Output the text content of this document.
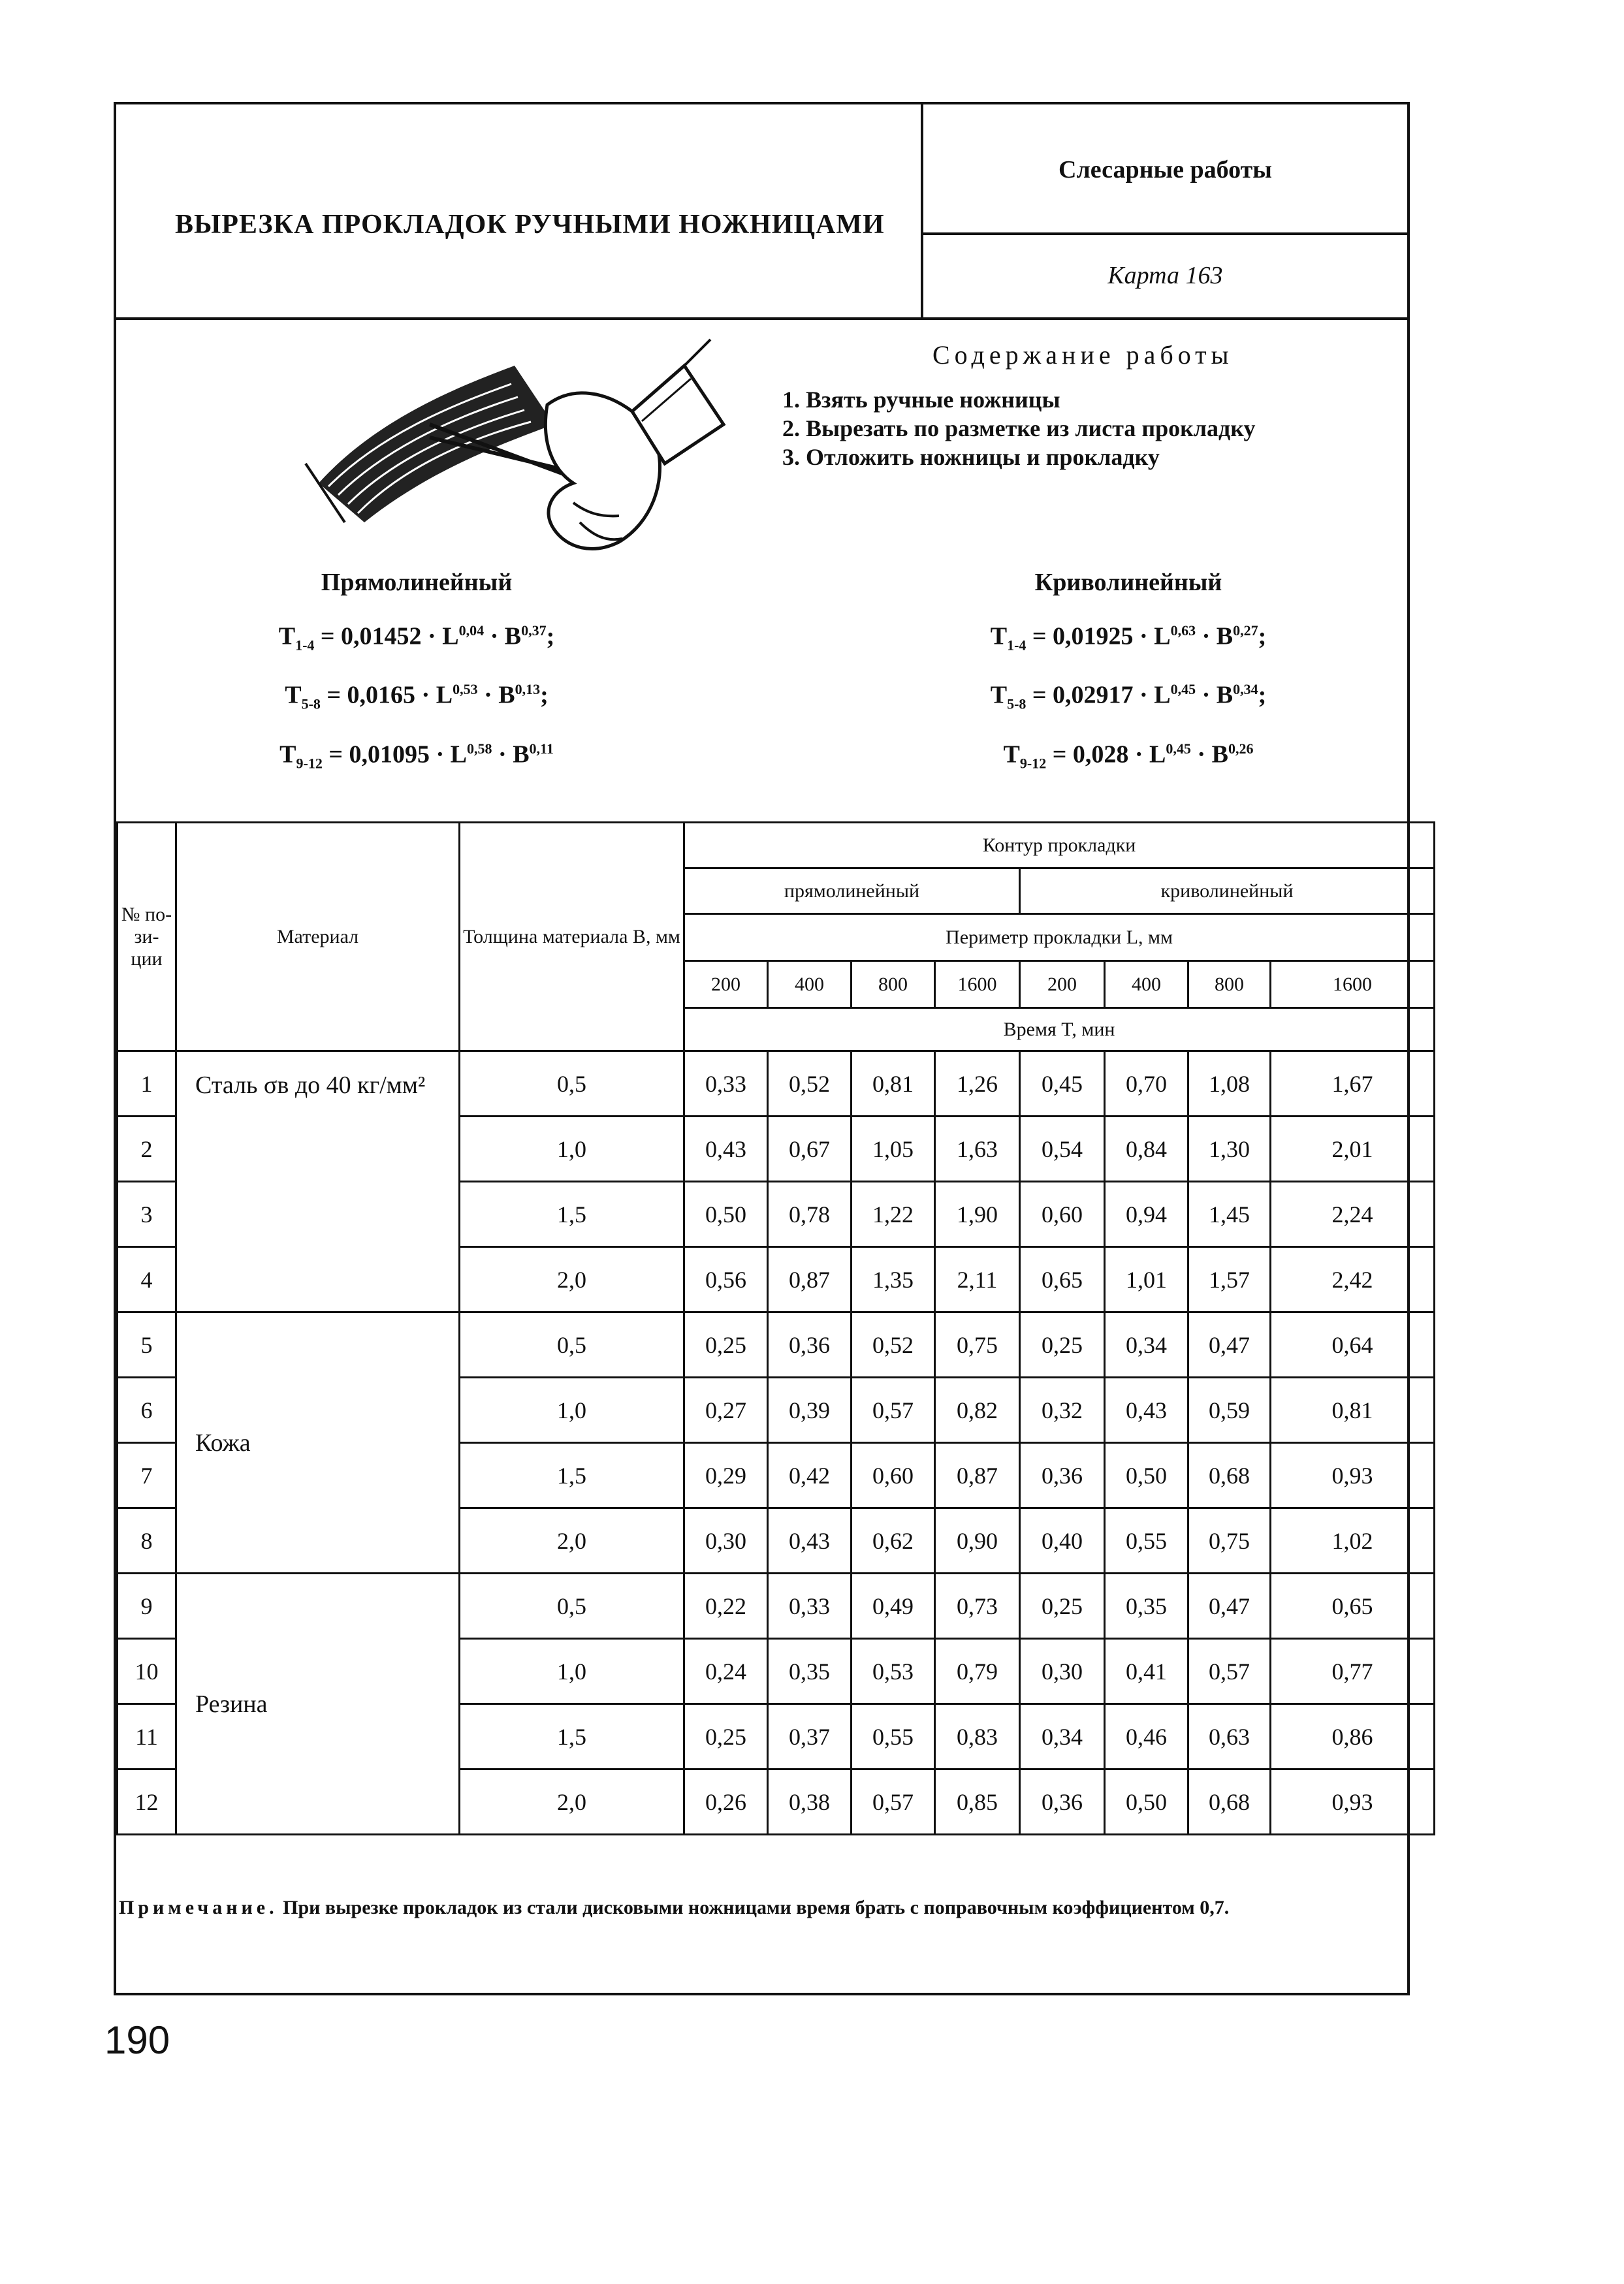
ВЫРЕЗКА ПРОКЛАДОК РУЧНЫМИ НОЖНИЦАМИ
Слесарные работы
Карта 163
Содержание работы
1. Взять ручные ножницы
2. Вырезать по разметке из листа прокладку
3. Отложить ножницы и прокладку
Прямолинейный
$T_{1-4} = 0,01452 \cdot L^{0,04} \cdot B^{0,37}$;
$T_{5-8} = 0,0165 \cdot L^{0,53} \cdot B^{0,13}$;
$T_{9-12} = 0,01095 \cdot L^{0,58} \cdot B^{0,11}$
Криволинейный
$T_{1-4} = 0,01925 \cdot L^{0,63} \cdot B^{0,27}$;
$T_{5-8} = 0,02917 \cdot L^{0,45} \cdot B^{0,34}$;
$T_{9-12} = 0,028 \cdot L^{0,45} \cdot B^{0,26}$
№ по- зи- ции	Материал	Толщина материала B, мм	Контур прокладки							
			прямолинейный				криволинейный			
			Периметр прокладки L, мм							
			200	400	800	1600	200	400	800	1600
			Время T, мин							
1	Сталь σв до 40 кг/мм²	0,5	0,33	0,52	0,81	1,26	0,45	0,70	1,08	1,67
2		1,0	0,43	0,67	1,05	1,63	0,54	0,84	1,30	2,01
3		1,5	0,50	0,78	1,22	1,90	0,60	0,94	1,45	2,24
4		2,0	0,56	0,87	1,35	2,11	0,65	1,01	1,57	2,42
5	Кожа	0,5	0,25	0,36	0,52	0,75	0,25	0,34	0,47	0,64
6		1,0	0,27	0,39	0,57	0,82	0,32	0,43	0,59	0,81
7		1,5	0,29	0,42	0,60	0,87	0,36	0,50	0,68	0,93
8		2,0	0,30	0,43	0,62	0,90	0,40	0,55	0,75	1,02
9	Резина	0,5	0,22	0,33	0,49	0,73	0,25	0,35	0,47	0,65
10		1,0	0,24	0,35	0,53	0,79	0,30	0,41	0,57	0,77
11		1,5	0,25	0,37	0,55	0,83	0,34	0,46	0,63	0,86
12		2,0	0,26	0,38	0,57	0,85	0,36	0,50	0,68	0,93
Примечание. При вырезке прокладок из стали дисковыми ножницами время брать с поправочным коэффициентом 0,7.
190
